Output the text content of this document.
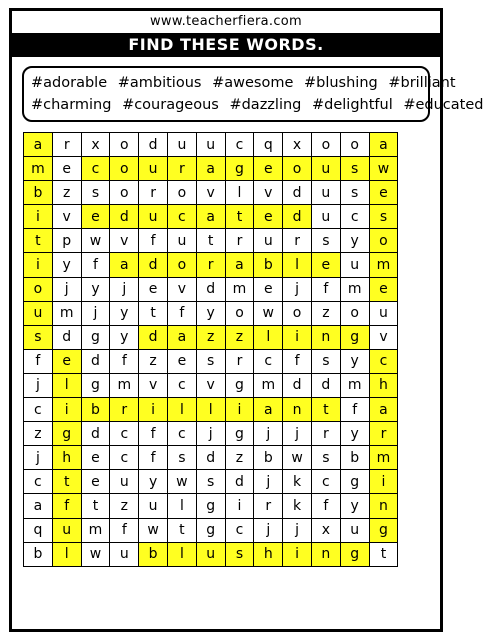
www.teacherfiera.com
FIND THESE WORDS.
#adorable #ambitious #awesome #blushing #brilliant
#charming #courageous #dazzling #delightful #educated
a	r	x	o	d	u	u	c	q	x	o	o	a
m	e	c	o	u	r	a	g	e	o	u	s	w
b	z	s	o	r	o	v	l	v	d	u	s	e
i	v	e	d	u	c	a	t	e	d	u	c	s
t	p	w	v	f	u	t	r	u	r	s	y	o
i	y	f	a	d	o	r	a	b	l	e	u	m
o	j	y	j	e	v	d	m	e	j	f	m	e
u	m	j	y	t	f	y	o	w	o	z	o	u
s	d	g	y	d	a	z	z	l	i	n	g	v
f	e	d	f	z	e	s	r	c	f	s	y	c
j	l	g	m	v	c	v	g	m	d	d	m	h
c	i	b	r	i	l	l	i	a	n	t	f	a
z	g	d	c	f	c	j	g	j	j	r	y	r
j	h	e	c	f	s	d	z	b	w	s	b	m
c	t	e	u	y	w	s	d	j	k	c	g	i
a	f	t	z	u	l	g	i	r	k	f	y	n
q	u	m	f	w	t	g	c	j	j	x	u	g
b	l	w	u	b	l	u	s	h	i	n	g	t
